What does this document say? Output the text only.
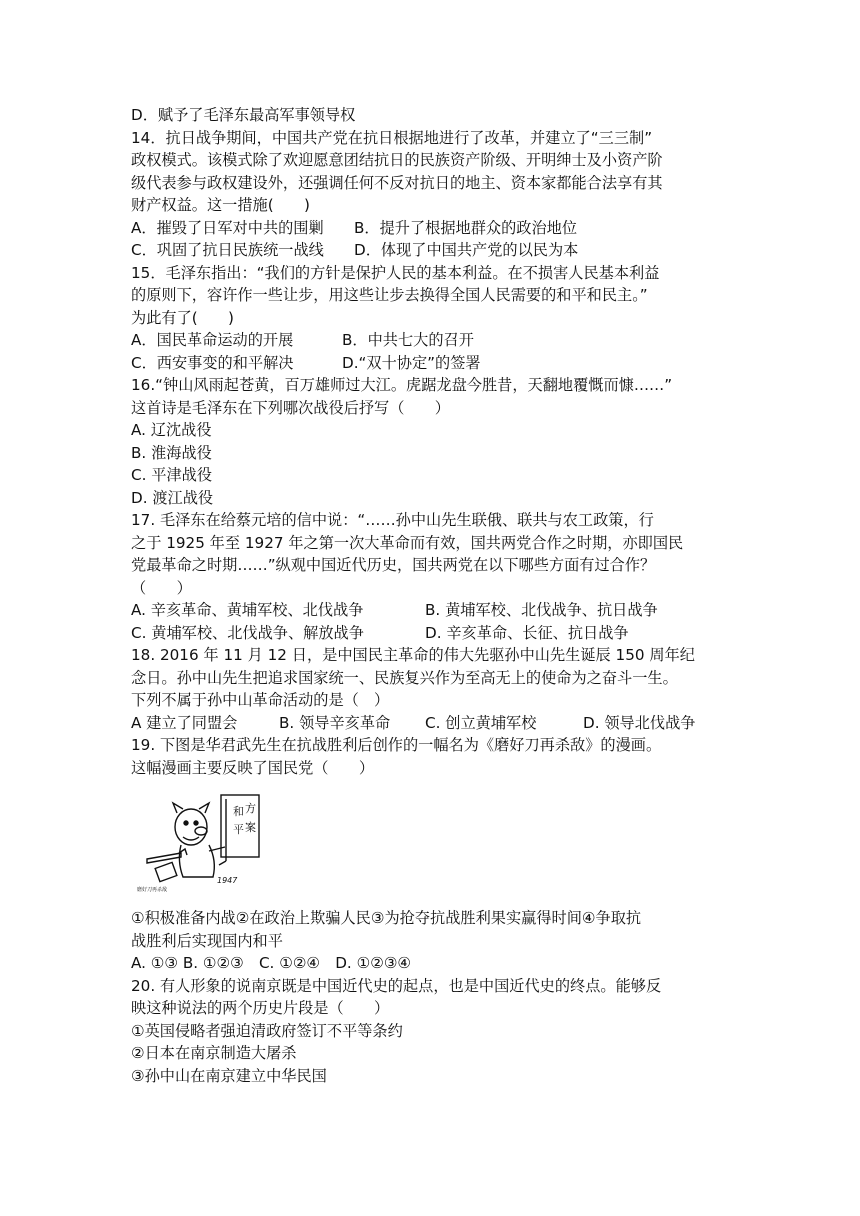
D．赋予了毛泽东最高军事领导权
14．抗日战争期间，中国共产党在抗日根据地进行了改革，并建立了“三三制”
政权模式。该模式除了欢迎愿意团结抗日的民族资产阶级、开明绅士及小资产阶
级代表参与政权建设外，还强调任何不反对抗日的地主、资本家都能合法享有其
财产权益。这一措施(　　)
A．摧毁了日军对中共的围剿	B．提升了根据地群众的政治地位
C．巩固了抗日民族统一战线	D．体现了中国共产党的以民为本
15．毛泽东指出：“我们的方针是保护人民的基本利益。在不损害人民基本利益
的原则下，容许作一些让步，用这些让步去换得全国人民需要的和平和民主。”
为此有了(　　)
A．国民革命运动的开展	B．中共七大的召开
C．西安事变的和平解决	D.“双十协定”的签署
16.“钟山风雨起苍黄，百万雄师过大江。虎踞龙盘今胜昔，天翻地覆慨而慷……”
这首诗是毛泽东在下列哪次战役后抒写（　　）
A. 辽沈战役
B. 淮海战役
C. 平津战役
D. 渡江战役
17. 毛泽东在给蔡元培的信中说：“……孙中山先生联俄、联共与农工政策，行
之于 1925 年至 1927 年之第一次大革命而有效，国共两党合作之时期，亦即国民
党最革命之时期……”纵观中国近代历史，国共两党在以下哪些方面有过合作？
（　　）
A. 辛亥革命、黄埔军校、北伐战争	B. 黄埔军校、北伐战争、抗日战争
C. 黄埔军校、北伐战争、解放战争	D. 辛亥革命、长征、抗日战争
18. 2016 年 11 月 12 日，是中国民主革命的伟大先驱孙中山先生诞辰 150 周年纪
念日。孙中山先生把追求国家统一、民族复兴作为至高无上的使命为之奋斗一生。
下列不属于孙中山革命活动的是（　）
A 建立了同盟会	B. 领导辛亥革命	C. 创立黄埔军校	D. 领导北伐战争
19. 下图是华君武先生在抗战胜利后创作的一幅名为《磨好刀再杀敌》的漫画。
这幅漫画主要反映了国民党（　　）
和 方
平 案
1947
磨好刀再杀敌
①积极准备内战②在政治上欺骗人民③为抢夺抗战胜利果实赢得时间④争取抗
战胜利后实现国内和平
A. ①③ B. ①②③　C. ①②④　D. ①②③④
20. 有人形象的说南京既是中国近代史的起点，也是中国近代史的终点。能够反
映这种说法的两个历史片段是（　　）
①英国侵略者强迫清政府签订不平等条约
②日本在南京制造大屠杀
③孙中山在南京建立中华民国
